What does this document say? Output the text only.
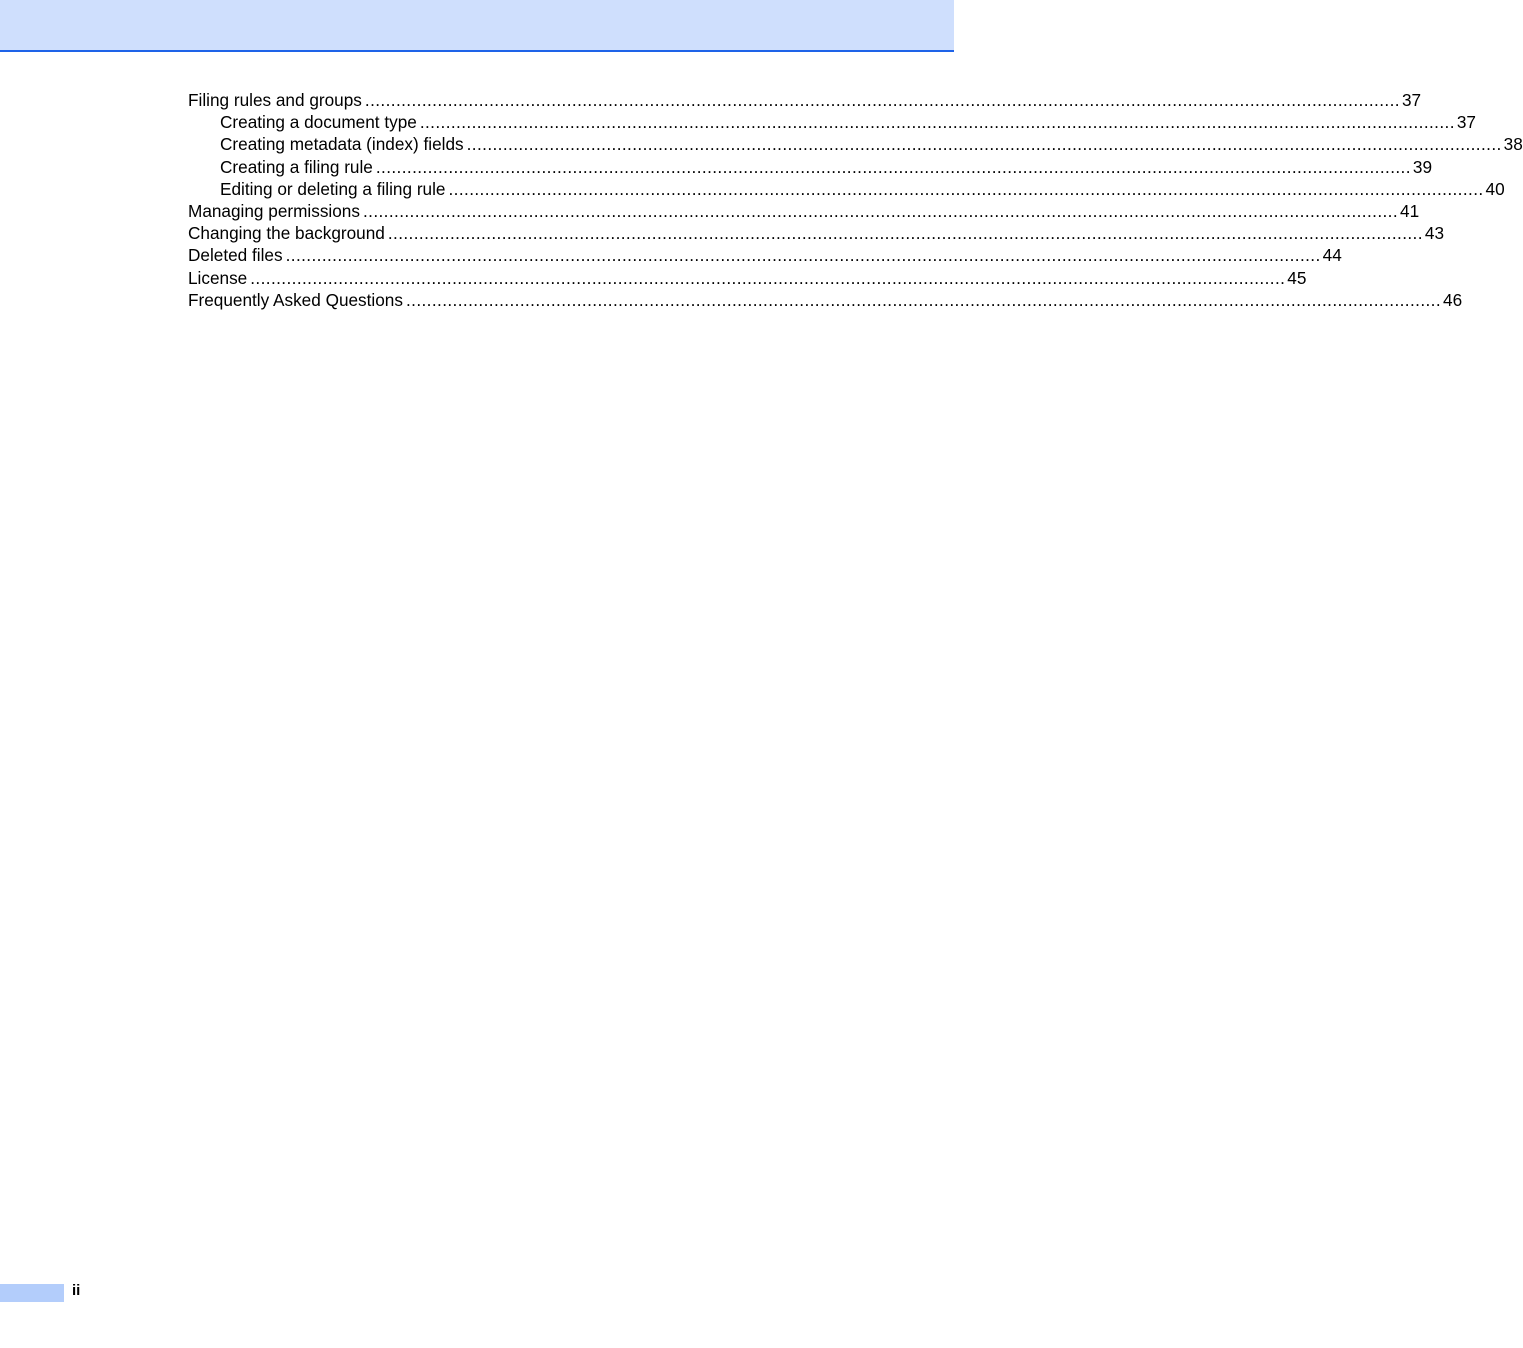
Filing rules and groups ........................................................................................................................................................................................................ 37
Creating a document type ........................................................................................................................................................................................................ 37
Creating metadata (index) fields ........................................................................................................................................................................................................ 38
Creating a filing rule ........................................................................................................................................................................................................ 39
Editing or deleting a filing rule ........................................................................................................................................................................................................ 40
Managing permissions ........................................................................................................................................................................................................ 41
Changing the background ........................................................................................................................................................................................................ 43
Deleted files ........................................................................................................................................................................................................ 44
License ........................................................................................................................................................................................................ 45
Frequently Asked Questions ........................................................................................................................................................................................................ 46
ii
